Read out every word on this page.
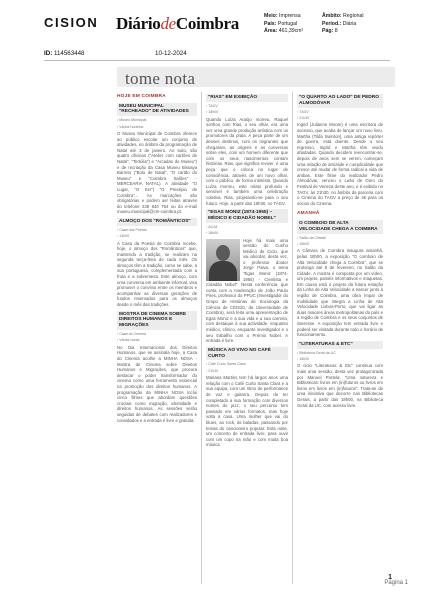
CISION DiáriodeCoimbra	Meio: Imprensa
País: Portugal
Área: 461,39cm²
Âmbito: Regional
Period.: Diária
Pág: 8
ID: 114563448	10-12-2024
tome nota
HOJE EM COIMBRA
MUSEU MUNICIPAL "RECHEADO" DE ATIVIDADES
▪ Museu Municipal
▪ Vários horários

O Museu Municipal de Coimbra oferece ao público escolar um conjunto de atividades, no âmbito da programação de Natal até 3 de janeiro. Ao todo, são quatro oficinas ("Atelier com cartões de Natal", "Tertúlia") e "Arcadas do Museu") e de recriação da Casa Museu Bissaya Barreto ("Bolo de Natal", "O cartão do Museu" e "Coimbra Salões" - MERCEARIA NATAL). A atividade "O Lugar, "O Ser") "O Presépio de Coimbra"... As marcações são obrigatórias e podem ser feitas através do telefone 239 840 754 ou do e-mail museu.municipal@cm-coimbra.pt.

ALMOÇO DOS "ROMÂNTICOS"
▪ Casa dos Poetas
▪ 13h00

A Casa da Poesia de Coimbra recebe, hoje, o almoço dos "Românticos" que, mantendo a tradição, se realizam na segunda terça-feira de cada mês. Os almoços têm a tradição, como se sabe, a sua portuguesa, complementada com a fruta e a sobremesa. Este almoço, com uma conversa em ambiente informal, visa promover o convívio entre os membros e acompanhar as diversas gerações de fundos reservados para os almoços desde o mês das tradições.

MOSTRA DE CINEMA SOBRE DIREITOS HUMANOS E MIGRAÇÕES
▪ Casa do Cinema
▪ Várias horas

No Dia Internacional dos Direitos Humanos, que se assinala hoje, a Casa do Cinema acolhe a MINHA NOSA - Mostra de Cinema sobre Direitos Humanos e Migrações, que procura destacar o poder transformador do cinema como uma ferramenta essencial na promoção dos direitos humanos. A programação da MINHA NOSA inclui cinco filmes que abordam questões cruciais como migração, identidade e direitos humanos. As sessões serão seguidas de debates com realizadores e convidados e a entrada é livre e gratuita.

"RIAS" EM EXIBIÇÃO
▪ TAGV
▪ 18h00

Quando Luíza Araújo morreu, Raquel sonhou com Rias, o seu olhar, era uma vez uma grande produção artística com os promotores da praia. A peça parte de um desses destinos, com os migrantes que chegaram, as origens e as conversas sobre eles, com um homem diferente que com os seus nascimentos contam histórias. Rias, que significa reviver, é uma peça que o coloca no lugar de consciência, através de um novo olhar, com o público, de forma intimista. Quando Luíza morreu, este relato profundo e sensível é também uma celebração coletiva. Rias, projetando-se para o seu futuro. Hoje, a partir das 18h30, no TAGV.

"EGAS MONIZ (1874-1955) – MÉDICO E CIDADÃO NOBEL"
▪ AC/M
▪ 18h00

Hoje há mais uma sessão do Cunho Médico de Ciclo, que vai abordar, desta vez, o professor doutor Jorge Paiva, o tema "Egas Moniz (1874-1955) - Cientista e Cidadão Nobel". Nesta conferência, que conta com a moderação de João Paulo Pires, professor do PPUC (Investigador do Grupo de Histórias de Sociologia da Ciência de CEIS20, da Universidade de Coimbra), será feita uma apresentação de Egas Moniz e a sua vida e a sua carreira, com destaque à sua actividade, enquanto médico, clínico, enquanto investigador e o seu trabalho com o Prémio Nobel. A entrada é livre.

MÚSICA AO VIVO NO CAFÉ CURTO
▪ Café Curto Santa Clara
▪ 21h30

Mariana Martins tem há largos anos uma relação com o Café Curto Santa Clara e a sua equipa, com um ritmo de performance de voz e guitarra. Depois de ter completado a sua formação com diversos nomes do jazz, o seu percurso tem passado em vários formatos, mas hoje volta a casa. Uma mulher que vai do blues, ao rock, às baladas, passando por temas do cancioneiro popular. Esta noite, um concerto de entrada livre, para ouvir com um copo na mão e com muita boa música.

"O QUARTO AO LADO" DE PEDRO ALMODÓVAR
▪ TAGV
▪ 21h30

Ingrid (Julianne Moore) é uma escritora de sucesso, que acaba de lançar um novo livro. Martha (Tilda Swinton), uma antiga repórter de guerra, está doente. Desde o seu regresso, Ingrid e Martha têm vivido afastadas. Quando decidem reencontrar-se, depois de anos sem se verem, começam uma relação de amizade e cumplicidade que cresce até mudar de forma radical a vida de ambas. Este filme do realizador Pedro Almodóvar, venceu o Leão de Ouro do Festival de Veneza deste ano, e é exibido no TAGV, às 21h30, no âmbito da parceria com o Cinema do TAGV a preço de 4€ para os sócios do Cinema.

AMANHÃ
O COMBOIO DE ALTA VELOCIDADE CHEGA A COIMBRA
▪ Salão da Cidade
▪ 18h00

A Câmara de Coimbra inaugura amanhã, pelas 18h00, a exposição "O comboio de Alta Velocidade chega a Coimbra", que se prolonga até 8 de fevereiro, no Salão da Cidade. A mostra é composta por um vídeo, um projeto, painéis informativos e maquetas. Em causa está o projeto da futura estação da Linha de Alta Velocidade a nascer junto à região de Coimbra, uma obra ímpar de mobilidade que integra a Linha de Alta Velocidade Lisboa-Porto, que vai ligar as duas maiores áreas metropolitanas do país e a região de Coimbra e os seus conjuntos de interesse. A exposição tem entrada livre e poderá ser visitada durante todo o horário de funcionamento.

"LITERATURAS & ETC"
▪ Biblioteca Geral da UC
▪ 18h00

O ciclo "Literaturas & Etc" continua com mais uma sessão, desta vez protagonizada por Manuel Portela: "Uma natureza e Bibliotecas: livros em (in)futuros ou livros em livros em livros em (in)futuros". Trata-se de uma iniciativa que decorre nas Bibliotecas Gerais, a partir das 18h00, na Biblioteca Geral da UC, com acesso livre.

1
Página 1
